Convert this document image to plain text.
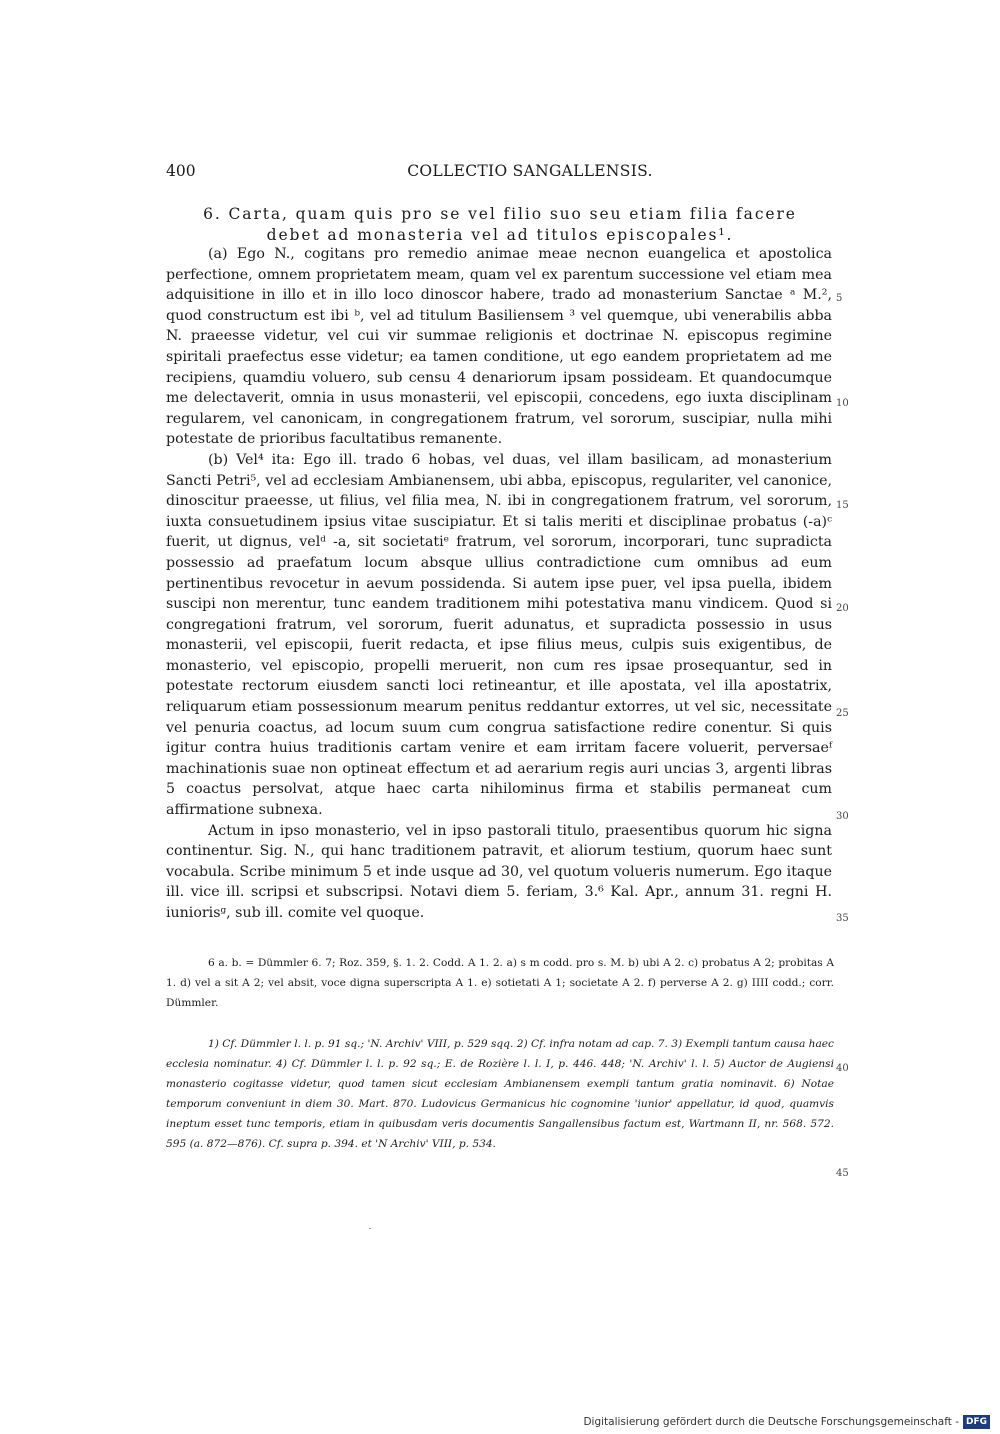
400	COLLECTIO SANGALLENSIS.
6. Carta, quam quis pro se vel filio suo seu etiam filia facere debet ad monasteria vel ad titulos episcopales¹.

(a) Ego N., cogitans pro remedio animae meae necnon euangelica et apostolica perfectione, omnem proprietatem meam, quam vel ex parentum successione vel etiam mea adquisitione in illo et in illo loco dinoscor habere, trado ad monasterium Sanctae ᵃ M.², quod constructum est ibi ᵇ, vel ad titulum Basiliensem ³ vel quemque, ubi venerabilis abba N. praeesse videtur, vel cui vir summae religionis et doctrinae N. episcopus regimine spiritali praefectus esse videtur; ea tamen conditione, ut ego eandem proprietatem ad me recipiens, quamdiu voluero, sub censu 4 denariorum ipsam possideam. Et quandocumque me delectaverit, omnia in usus monasterii, vel episcopii, concedens, ego iuxta disciplinam regularem, vel canonicam, in congregationem fratrum, vel sororum, suscipiar, nulla mihi potestate de prioribus facultatibus remanente.

(b) Vel⁴ ita: Ego ill. trado 6 hobas, vel duas, vel illam basilicam, ad monasterium Sancti Petri⁵, vel ad ecclesiam Ambianensem, ubi abba, episcopus, regulariter, vel canonice, dinoscitur praeesse, ut filius, vel filia mea, N. ibi in congregationem fratrum, vel sororum, iuxta consuetudinem ipsius vitae suscipiatur. Et si talis meriti et disciplinae probatus (-a)ᶜ fuerit, ut dignus, velᵈ -a, sit societatiᵉ fratrum, vel sororum, incorporari, tunc supradicta possessio ad praefatum locum absque ullius contradictione cum omnibus ad eum pertinentibus revocetur in aevum possidenda. Si autem ipse puer, vel ipsa puella, ibidem suscipi non merentur, tunc eandem traditionem mihi potestativa manu vindicem. Quod si congregationi fratrum, vel sororum, fuerit adunatus, et supradicta possessio in usus monasterii, vel episcopii, fuerit redacta, et ipse filius meus, culpis suis exigentibus, de monasterio, vel episcopio, propelli meruerit, non cum res ipsae prosequantur, sed in potestate rectorum eiusdem sancti loci retineantur, et ille apostata, vel illa apostatrix, reliquarum etiam possessionum mearum penitus reddantur extorres, ut vel sic, necessitate vel penuria coactus, ad locum suum cum congrua satisfactione redire conentur. Si quis igitur contra huius traditionis cartam venire et eam irritam facere voluerit, perversaeᶠ machinationis suae non optineat effectum et ad aerarium regis auri uncias 3, argenti libras 5 coactus persolvat, atque haec carta nihilominus firma et stabilis permaneat cum affirmatione subnexa.

Actum in ipso monasterio, vel in ipso pastorali titulo, praesentibus quorum hic signa continentur. Sig. N., qui hanc traditionem patravit, et aliorum testium, quorum haec sunt vocabula. Scribe minimum 5 et inde usque ad 30, vel quotum volueris numerum. Ego itaque ill. vice ill. scripsi et subscripsi. Notavi diem 5. feriam, 3.⁶ Kal. Apr., annum 31. regni H. iuniorisᵍ, sub ill. comite vel quoque.

5
10
15
20
25
30
35
40
45

6 a. b. = Dümmler 6. 7; Roz. 359, §. 1. 2. Codd. A 1. 2. a) s m codd. pro s. M. b) ubi A 2. c) probatus A 2; probitas A 1. d) vel a sit A 2; vel absit, voce digna superscripta A 1. e) sotietati A 1; societate A 2. f) perverse A 2. g) IIII codd.; corr. Dümmler.

1) Cf. Dümmler l. l. p. 91 sq.; 'N. Archiv' VIII, p. 529 sqq. 2) Cf. infra notam ad cap. 7. 3) Exempli tantum causa haec ecclesia nominatur. 4) Cf. Dümmler l. l. p. 92 sq.; E. de Rozière l. l. I, p. 446. 448; 'N. Archiv' l. l. 5) Auctor de Augiensi monasterio cogitasse videtur, quod tamen sicut ecclesiam Ambianensem exempli tantum gratia nominavit. 6) Notae temporum conveniunt in diem 30. Mart. 870. Ludovicus Germanicus hic cognomine 'iunior' appellatur, id quod, quamvis ineptum esset tunc temporis, etiam in quibusdam veris documentis Sangallensibus factum est, Wartmann II, nr. 568. 572. 595 (a. 872—876). Cf. supra p. 394. et 'N Archiv' VIII, p. 534.

Digitalisierung gefördert durch die Deutsche Forschungsgemeinschaft - DFG
